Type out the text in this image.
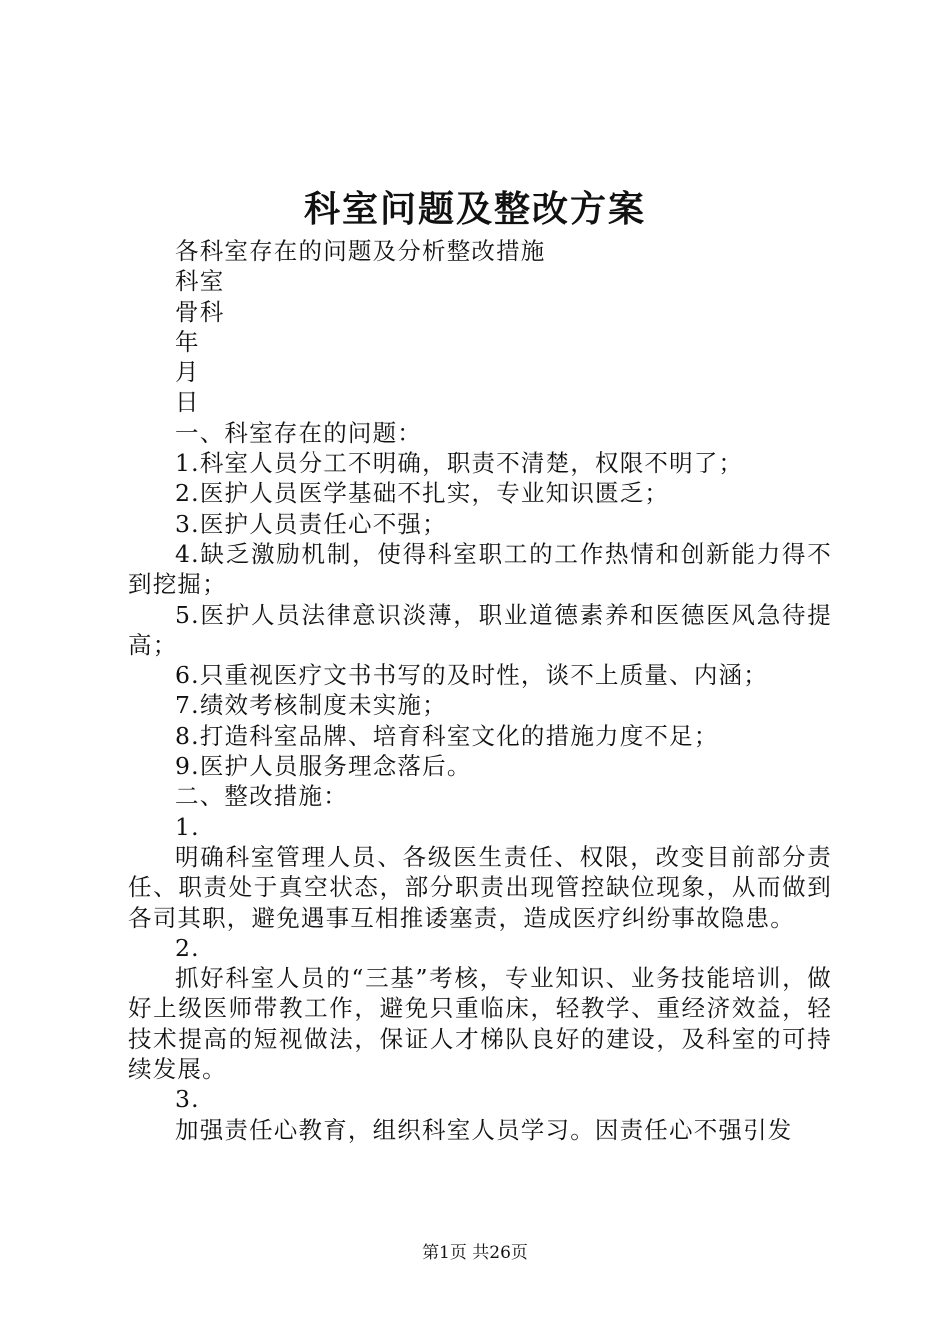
科室问题及整改方案

各科室存在的问题及分析整改措施

科室

骨科

年

月

日

一、科室存在的问题：

1.科室人员分工不明确，职责不清楚，权限不明了；

2.医护人员医学基础不扎实，专业知识匮乏；

3.医护人员责任心不强；

4.缺乏激励机制，使得科室职工的工作热情和创新能力得不到挖掘；

5.医护人员法律意识淡薄，职业道德素养和医德医风急待提高；

6.只重视医疗文书书写的及时性，谈不上质量、内涵；

7.绩效考核制度未实施；

8.打造科室品牌、培育科室文化的措施力度不足；

9.医护人员服务理念落后。

二、整改措施：

1.

明确科室管理人员、各级医生责任、权限，改变目前部分责任、职责处于真空状态，部分职责出现管控缺位现象，从而做到各司其职，避免遇事互相推诿塞责，造成医疗纠纷事故隐患。

2.

抓好科室人员的“三基”考核，专业知识、业务技能培训，做好上级医师带教工作，避免只重临床，轻教学、重经济效益，轻技术提高的短视做法，保证人才梯队良好的建设，及科室的可持续发展。

3.

加强责任心教育，组织科室人员学习。因责任心不强引发

第1页 共26页
